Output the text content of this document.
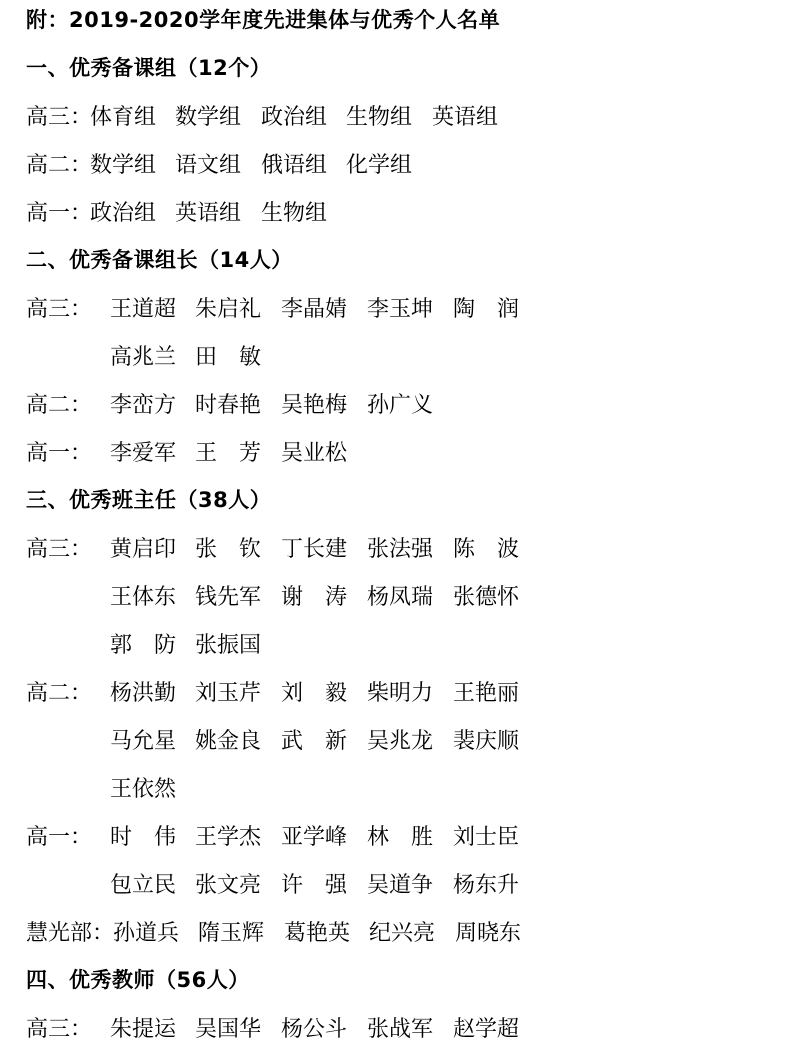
附：2019-2020学年度先进集体与优秀个人名单
一、优秀备课组（12个）
高三：
体育组 数学组 政治组 生物组 英语组
高二：
数学组 语文组 俄语组 化学组
高一：
政治组 英语组 生物组
二、优秀备课组长（14人）
高三： 王道超 朱启礼 李晶婧 李玉坤 陶　润
高兆兰 田　敏
高二： 李峦方 时春艳 吴艳梅 孙广义
高一： 李爱军 王　芳 吴业松
三、优秀班主任（38人）
高三： 黄启印 张　钦 丁长建 张法强 陈　波
王体东 钱先军 谢　涛 杨凤瑞 张德怀
郭　防 张振国
高二： 杨洪勤 刘玉芹 刘　毅 柴明力 王艳丽
马允星 姚金良 武　新 吴兆龙 裴庆顺
王依然
高一： 时　伟 王学杰 亚学峰 林　胜 刘士臣
包立民 张文亮 许　强 吴道争 杨东升
慧光部：
孙道兵 隋玉辉 葛艳英 纪兴亮 周晓东
四、优秀教师（56人）
高三： 朱提运 吴国华 杨公斗 张战军 赵学超
